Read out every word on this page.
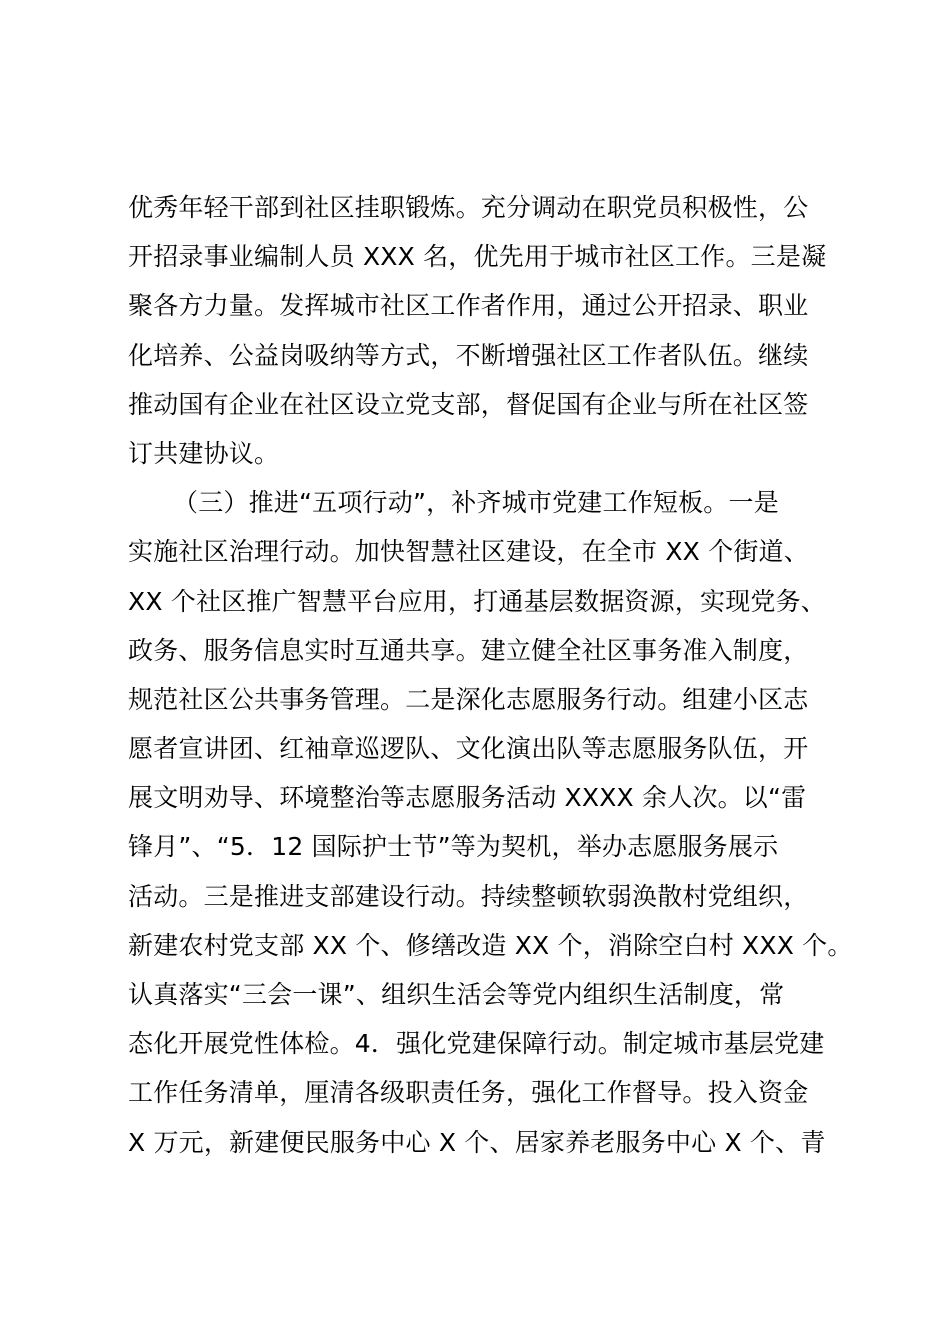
优秀年轻干部到社区挂职锻炼。充分调动在职党员积极性，公
开招录事业编制人员 XXX 名，优先用于城市社区工作。三是凝
聚各方力量。发挥城市社区工作者作用，通过公开招录、职业
化培养、公益岗吸纳等方式，不断增强社区工作者队伍。继续
推动国有企业在社区设立党支部，督促国有企业与所在社区签
订共建协议。
（三）推进“五项行动”，补齐城市党建工作短板。一是
实施社区治理行动。加快智慧社区建设，在全市 XX 个街道、
XX 个社区推广智慧平台应用，打通基层数据资源，实现党务、
政务、服务信息实时互通共享。建立健全社区事务准入制度，
规范社区公共事务管理。二是深化志愿服务行动。组建小区志
愿者宣讲团、红袖章巡逻队、文化演出队等志愿服务队伍，开
展文明劝导、环境整治等志愿服务活动 XXXX 余人次。以“雷
锋月”、“5．12 国际护士节”等为契机，举办志愿服务展示
活动。三是推进支部建设行动。持续整顿软弱涣散村党组织，
新建农村党支部 XX 个、修缮改造 XX 个，消除空白村 XXX 个。
认真落实“三会一课”、组织生活会等党内组织生活制度，常
态化开展党性体检。4．强化党建保障行动。制定城市基层党建
工作任务清单，厘清各级职责任务，强化工作督导。投入资金
X 万元，新建便民服务中心 X 个、居家养老服务中心 X 个、青
